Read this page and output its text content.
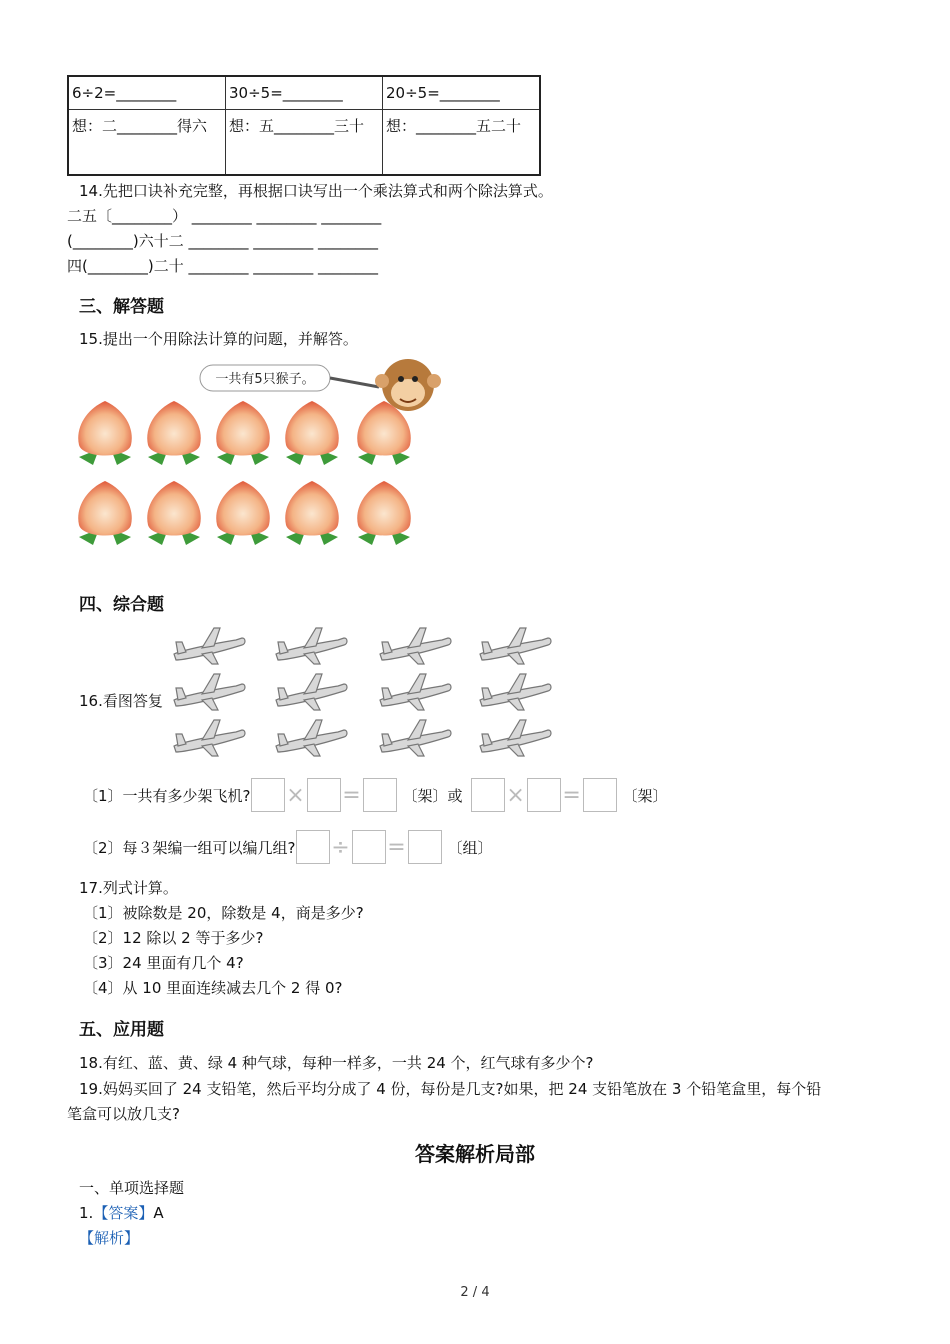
6÷2=________	30÷5=________	20÷5=________
想：二________得六	想：五________三十	想：________五二十
14.先把口诀补充完整，再根据口诀写出一个乘法算式和两个除法算式。
二五〔________） ________ ________ ________
(________)六十二 ________ ________ ________
四(________)二十 ________ ________ ________
三、解答题
15.提出一个用除法计算的问题，并解答。
一共有5只猴子。
四、综合题
16.看图答复
〔1〕一共有多少架飞机? × =	〔架〕或 × =	〔架〕
〔2〕每３架编一组可以编几组? ÷ =	〔组〕
17.列式计算。
〔1〕被除数是 20，除数是 4，商是多少?
〔2〕12 除以 2 等于多少?
〔3〕24 里面有几个 4?
〔4〕从 10 里面连续减去几个 2 得 0?
五、应用题
18.有红、蓝、黄、绿 4 种气球，每种一样多，一共 24 个，红气球有多少个?
19.妈妈买回了 24 支铅笔，然后平均分成了 4 份，每份是几支?如果，把 24 支铅笔放在 3 个铅笔盒里，每个铅
笔盒可以放几支?
答案解析局部
一、单项选择题
1.【答案】A
【解析】
2 / 4
